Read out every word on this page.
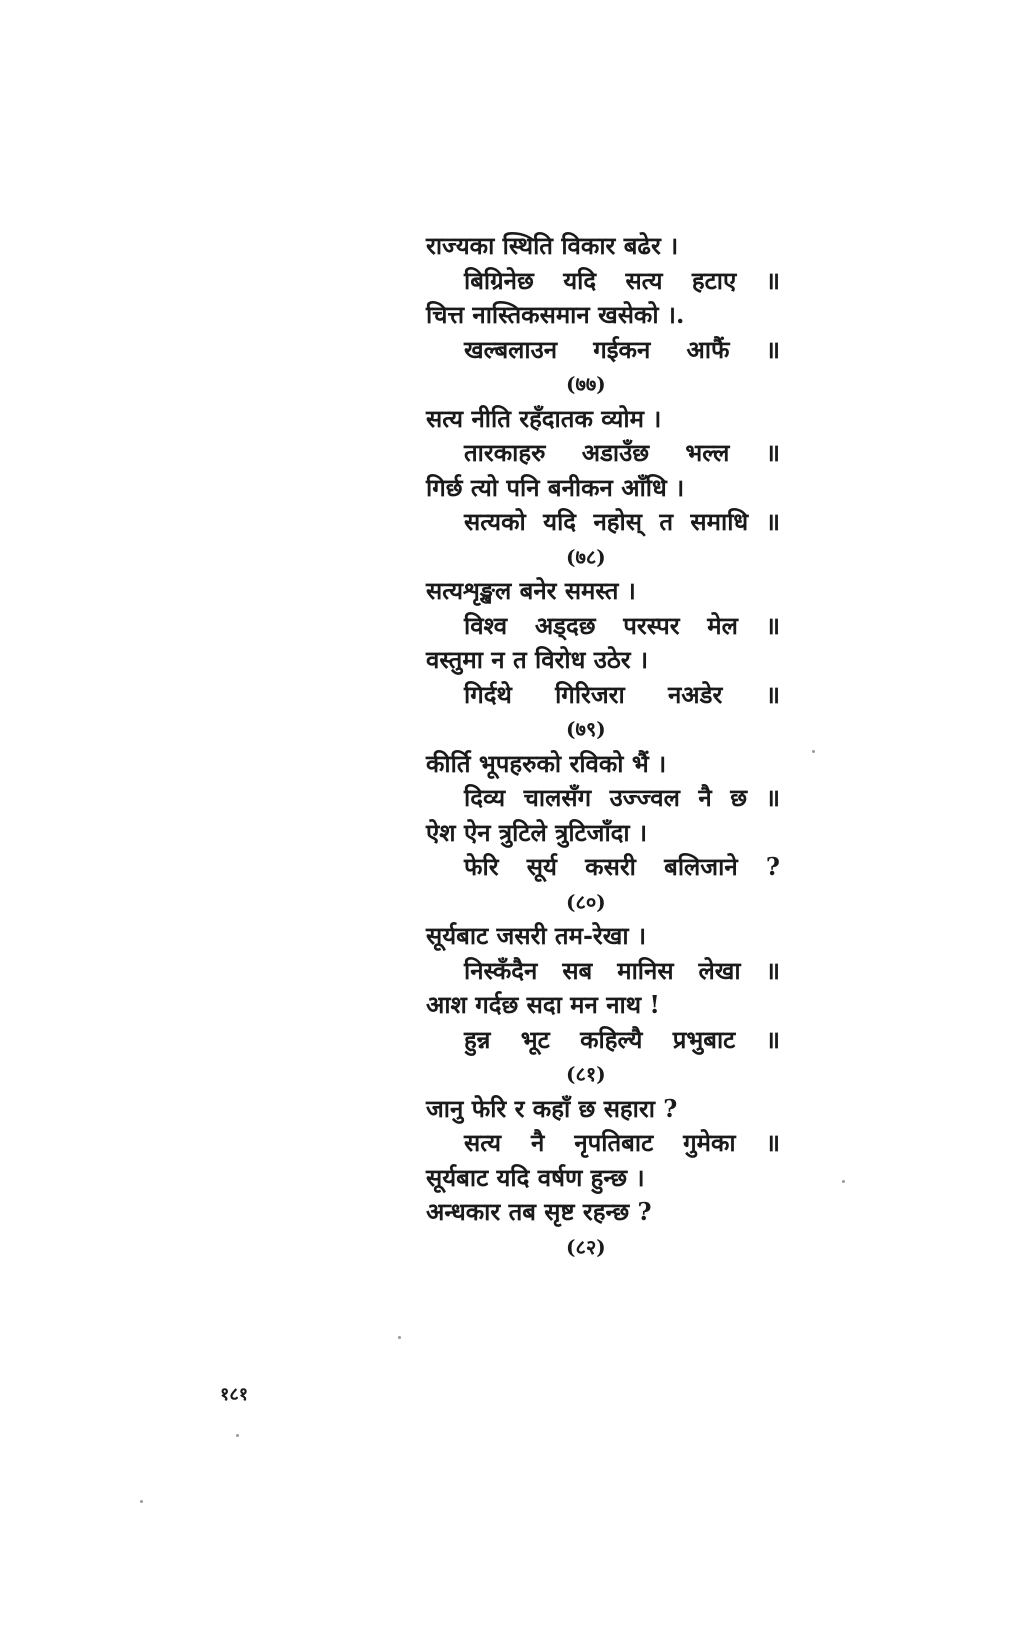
राज्यका स्थिति विकार बढेर ।
बिग्रिनेछ यदि सत्य हटाए ॥
चित्त नास्तिकसमान खसेको ।.
खल्बलाउन गईकन आफैं ॥
(७७)
सत्य नीति रहँदातक व्योम ।
तारकाहरु अडाउँछ भल्ल ॥
गिर्छ त्यो पनि बनीकन आँधि ।
सत्यको यदि नहोस् त समाधि ॥
(७८)
सत्यशृङ्खल बनेर समस्त ।
विश्व अड्दछ परस्पर मेल ॥
वस्तुमा न त विरोध उठेर ।
गिर्दथे गिरिजरा नअडेर ॥
(७९)
कीर्ति भूपहरुको रविको भैं ।
दिव्य चालसँग उज्ज्वल नै छ ॥
ऐश ऐन त्रुटिले त्रुटिजाँदा ।
फेरि सूर्य कसरी बलिजाने ?
(८०)
सूर्यबाट जसरी तम-रेखा ।
निस्कँदैन सब मानिस लेखा ॥
आश गर्दछ सदा मन नाथ !
हुन्न भूट कहिल्यै प्रभुबाट ॥
(८१)
जानु फेरि र कहाँ छ सहारा ?
सत्य नै नृपतिबाट गुमेका ॥
सूर्यबाट यदि वर्षण हुन्छ ।
अन्धकार तब सृष्ट रहन्छ ?
(८२)
१८१
